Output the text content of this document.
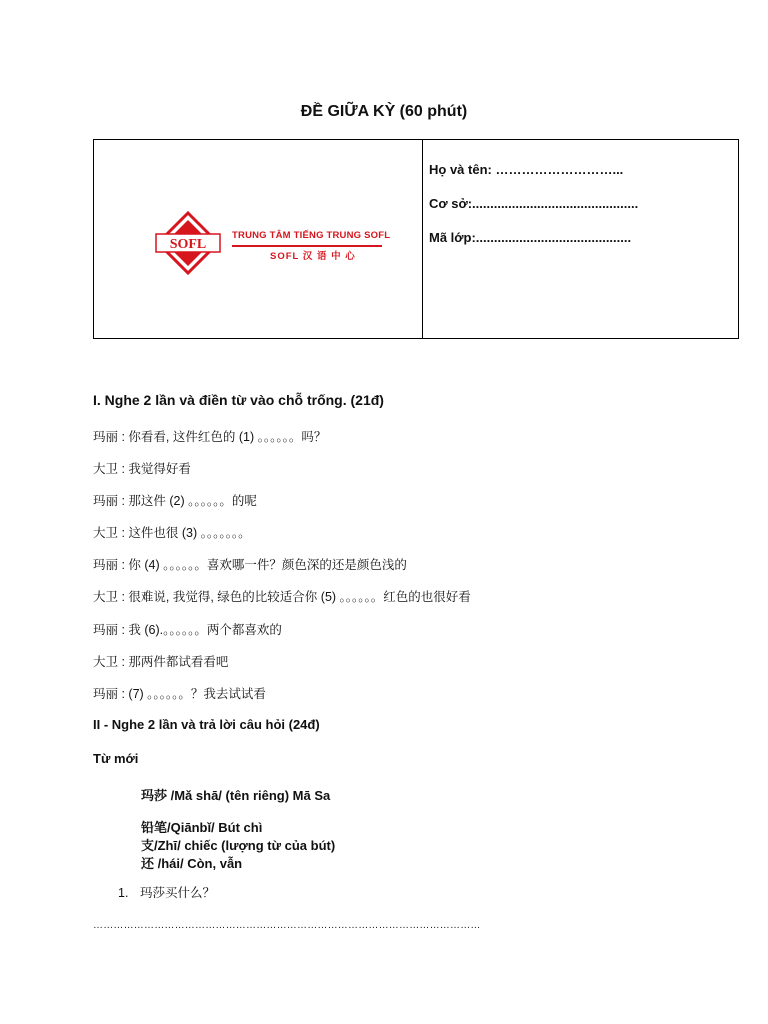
ĐỀ GIỮA KỲ (60 phút)
SOFL
TRUNG TÂM TIẾNG TRUNG SOFL
SOFL 汉 语 中 心
Họ và tên: ………………………...
Cơ sở:..............................................
Mã lớp:...........................................
I. Nghe 2 lần và điền từ vào chỗ trống. (21đ)
玛丽 : 你看看, 这件红色的 (1) 。。。。。。吗？
大卫 : 我觉得好看
玛丽 : 那这件 (2) 。。。。。。的呢
大卫 : 这件也很 (3) 。。。。。。。
玛丽 : 你 (4) 。。。。。。喜欢哪一件？颜色深的还是颜色浅的
大卫 : 很难说, 我觉得, 绿色的比较适合你 (5) 。。。。。。红色的也很好看
玛丽 : 我 (6).。。。。。。两个都喜欢的
大卫 : 那两件都试看看吧
玛丽 : (7) 。。。。。。？我去试试看
II - Nghe 2 lần và trả lời câu hỏi (24đ)
Từ mới
玛莎 /Mǎ shā/ (tên riêng) Mā Sa
铅笔/Qiānbǐ/ Bút chì
支/Zhī/ chiếc (lượng từ của bút)
还 /hái/ Còn, vẫn
1. 玛莎买什么？
……………………………………………………………………………………………………
